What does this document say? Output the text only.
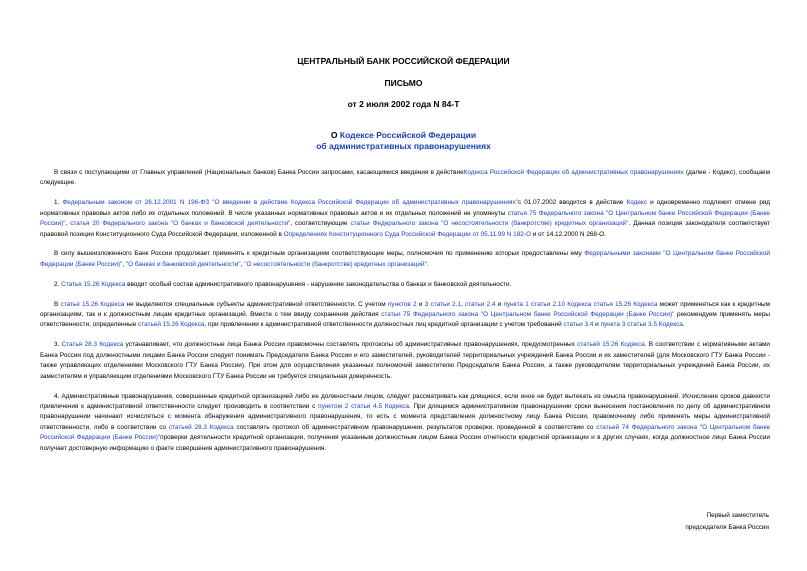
ЦЕНТРАЛЬНЫЙ БАНК РОССИЙСКОЙ ФЕДЕРАЦИИ
ПИСЬМО
от 2 июля 2002 года N 84-Т
О Кодексе Российской Федерации
об административных правонарушениях

В связи с поступающими от Главных управлений (Национальных банков) Банка России запросами, касающимися введения в действиеКодекса Российской Федерации об административных правонарушениях (далее - Кодекс), сообщаем следующее.

1. Федеральным законом от 26.12.2001 N 196-ФЗ "О введении в действие Кодекса Российской Федерации об административных правонарушениях"с 01.07.2002 вводится в действие Кодекс и одновременно подлежит отмене ряд нормативных правовых актов либо их отдельных положений. В числе указанных нормативных правовых актов и их отдельных положений не упомянуты статья 75 Федерального закона "О Центральном банке Российской Федерации (Банке России)", статья 20 Федерального закона "О банках и банковской деятельности", соответствующие статьи Федерального закона "О несостоятельности (банкротстве) кредитных организаций". Данная позиция законодателя соответствует правовой позиции Конституционного Суда Российской Федерации, изложенной в Определениях Конституционного Суда Российской Федерации от 05.11.99 N 182-О и от 14.12.2000 N 268-О.

В силу вышеизложенного Банк России продолжает применять к кредитным организациям соответствующие меры, полномочия по применению которых предоставлены ему Федеральными законами "О Центральном банке Российской Федерации (Банке России)", "О банках и банковской деятельности", "О несостоятельности (банкротстве) кредитных организаций".

2. Статья 15.26 Кодекса вводит особый состав административного правонарушения - нарушение законодательства о банках и банковской деятельности.

В статье 15.26 Кодекса не выделяются специальные субъекты административной ответственности. С учетом пунктов 2 и 3 статьи 2.1, статьи 2.4 и пункта 1 статьи 2.10 Кодекса статья 15.26 Кодекса может применяться как к кредитным организациям, так и к должностным лицам кредитных организаций. Вместе с тем ввиду сохранения действия статьи 75 Федерального закона "О Центральном банке Российской Федерации (Банке России)" рекомендуем применять меры ответственности, определенные статьей 15.26 Кодекса, при привлечении к административной ответственности должностных лиц кредитной организации с учетом требований статьи 3.4 и пункта 3 статьи 3.5 Кодекса.

3. Статья 28.3 Кодекса устанавливает, что должностные лица Банка России правомочны составлять протоколы об административных правонарушениях, предусмотренных статьей 15.26 Кодекса. В соответствии с нормативными актами Банка России под должностными лицами Банка России следует понимать Председателя Банка России и его заместителей, руководителей территориальных учреждений Банка России и их заместителей (для Московского ГТУ Банка России - также управляющих отделениями Московского ГТУ Банка России). При этом для осуществления указанных полномочий заместителю Председателя Банка России, а также руководителям территориальных учреждений Банка России, их заместителям и управляющим отделениями Московского ГТУ Банка России не требуется специальная доверенность.

4. Административные правонарушения, совершенные кредитной организацией либо ее должностным лицом, следует рассматривать как длящиеся, если иное не будет вытекать из смысла правонарушений. Исчисление сроков давности привлечения к административной ответственности следует производить в соответствии с пунктом 2 статьи 4.5 Кодекса. При длящемся административном правонарушении сроки вынесения постановления по делу об административном правонарушении начинают исчисляться с момента обнаружения административного правонарушения, то есть с момента представления должностному лицу Банка России, правомочному либо применять меры административной ответственности, либо в соответствии со статьей 28.3 Кодекса составлять протокол об административном правонарушении, результатов проверки, проведенной в соответствии со статьей 74 Федерального закона "О Центральном банке Российской Федерации (Банке России)"проверки деятельности кредитной организации, получения указанным должностным лицом Банка России отчетности кредитной организации и в других случаях, когда должностное лицо Банка России получает достоверную информацию о факте совершения административного правонарушения.

Первый заместитель
председателя Банка России
